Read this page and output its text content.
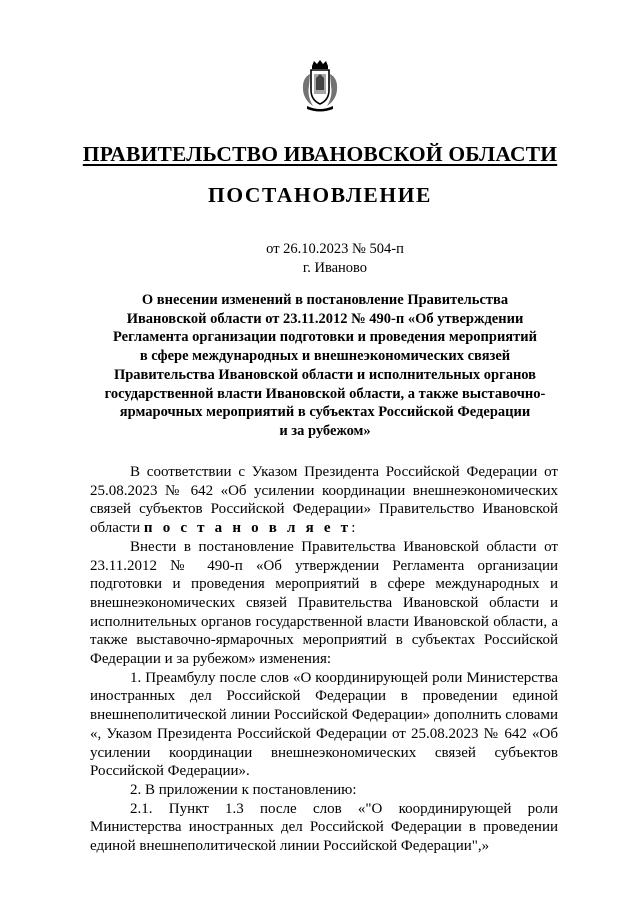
ПРАВИТЕЛЬСТВО ИВАНОВСКОЙ ОБЛАСТИ
ПОСТАНОВЛЕНИЕ
от 26.10.2023 № 504-п
г. Иваново
О внесении изменений в постановление Правительства
Ивановской области от 23.11.2012 № 490-п «Об утверждении
Регламента организации подготовки и проведения мероприятий
в сфере международных и внешнеэкономических связей
Правительства Ивановской области и исполнительных органов
государственной власти Ивановской области, а также выставочно-
ярмарочных мероприятий в субъектах Российской Федерации
и за рубежом»

В соответствии с Указом Президента Российской Федерации от 25.08.2023 № 642 «Об усилении координации внешнеэкономических связей субъектов Российской Федерации» Правительство Ивановской области п о с т а н о в л я е т:

Внести в постановление Правительства Ивановской области от 23.11.2012 № 490-п «Об утверждении Регламента организации подготовки и проведения мероприятий в сфере международных и внешнеэкономических связей Правительства Ивановской области и исполнительных органов государственной власти Ивановской области, а также выставочно-ярмарочных мероприятий в субъектах Российской Федерации и за рубежом» изменения:

1. Преамбулу после слов «О координирующей роли Министерства иностранных дел Российской Федерации в проведении единой внешнеполитической линии Российской Федерации» дополнить словами «, Указом Президента Российской Федерации от 25.08.2023 № 642 «Об усилении координации внешнеэкономических связей субъектов Российской Федерации».

2. В приложении к постановлению:

2.1. Пункт 1.3 после слов «"О координирующей роли Министерства иностранных дел Российской Федерации в проведении единой внешнеполитической линии Российской Федерации",»
